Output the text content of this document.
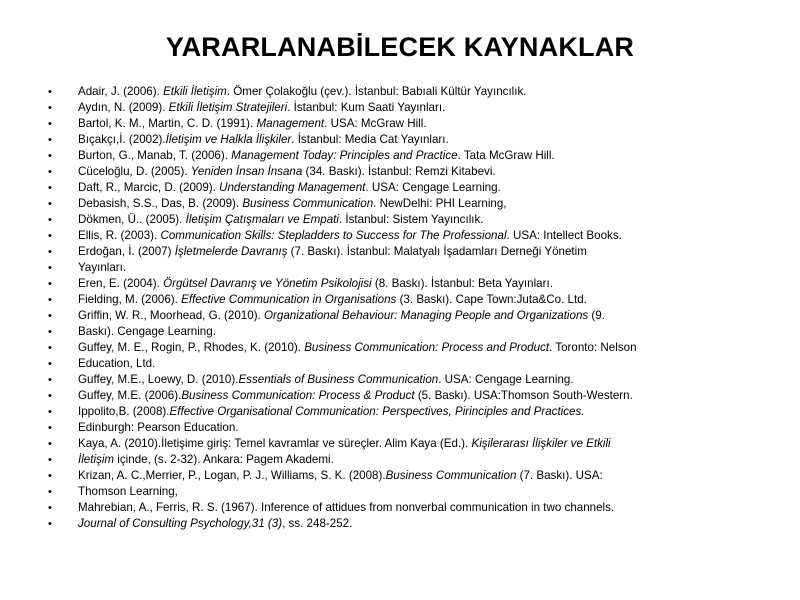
YARARLANABİLECEK KAYNAKLAR
• Adair, J. (2006). Etkili İletişim. Ömer Çolakoğlu (çev.). İstanbul: Babıali Kültür Yayıncılık.
• Aydın, N. (2009). Etkili İletişim Stratejileri. İstanbul: Kum Saati Yayınları.
• Bartol, K. M., Martin, C. D. (1991). Management. USA: McGraw Hill.
• Bıçakçı,İ. (2002).İletişim ve Halkla İlişkiler. İstanbul: Media Cat Yayınları.
• Burton, G., Manab, T. (2006). Management Today: Principles and Practice. Tata McGraw Hill.
• Cüceloğlu, D. (2005). Yeniden İnsan İnsana (34. Baskı). İstanbul: Remzi Kitabevi.
• Daft, R., Marcic, D. (2009). Understanding Management. USA: Cengage Learning.
• Debasish, S.S., Das, B. (2009). Business Communication. NewDelhi: PHI Learning,
• Dökmen, Ü.. (2005). İletişim Çatışmaları ve Empati. İstanbul: Sistem Yayıncılık.
• Ellis, R. (2003). Communication Skills: Stepladders to Success for The Professional. USA: Intellect Books.
• Erdoğan, İ. (2007) İşletmelerde Davranış (7. Baskı). İstanbul: Malatyalı İşadamları Derneği Yönetim
• Yayınları.
• Eren, E. (2004). Örgütsel Davranış ve Yönetim Psikolojisi (8. Baskı). İstanbul: Beta Yayınları.
• Fielding, M. (2006). Effective Communication in Organisations (3. Baskı). Cape Town:Juta&Co. Ltd.
• Griffin, W. R., Moorhead, G. (2010). Organizational Behaviour: Managing People and Organizations (9.
• Baskı). Cengage Learning.
• Guffey, M. E., Rogin, P., Rhodes, K. (2010). Business Communication: Process and Product. Toronto: Nelson
• Education, Ltd.
• Guffey, M.E., Loewy, D. (2010).Essentials of Business Communication. USA: Cengage Learning.
• Guffey, M.E. (2006).Business Communication: Process & Product (5. Baskı). USA:Thomson South-Western.
• Ippolito,B. (2008).Effective Organisational Communication: Perspectives, Pirinciples and Practices.
• Edinburgh: Pearson Education.
• Kaya, A. (2010).İletişime giriş: Temel kavramlar ve süreçler. Alim Kaya (Ed.). Kişilerarası İlişkiler ve Etkili
• İletişim içinde, (s. 2-32). Ankara: Pagem Akademi.
• Krizan, A. C.,Merrier, P., Logan, P. J., Williams, S. K. (2008).Business Communication (7. Baskı). USA:
• Thomson Learning,
• Mahrebian, A., Ferris, R. S. (1967). Inference of attidues from nonverbal communication in two channels.
• Journal of Consulting Psychology,31 (3), ss. 248-252.
